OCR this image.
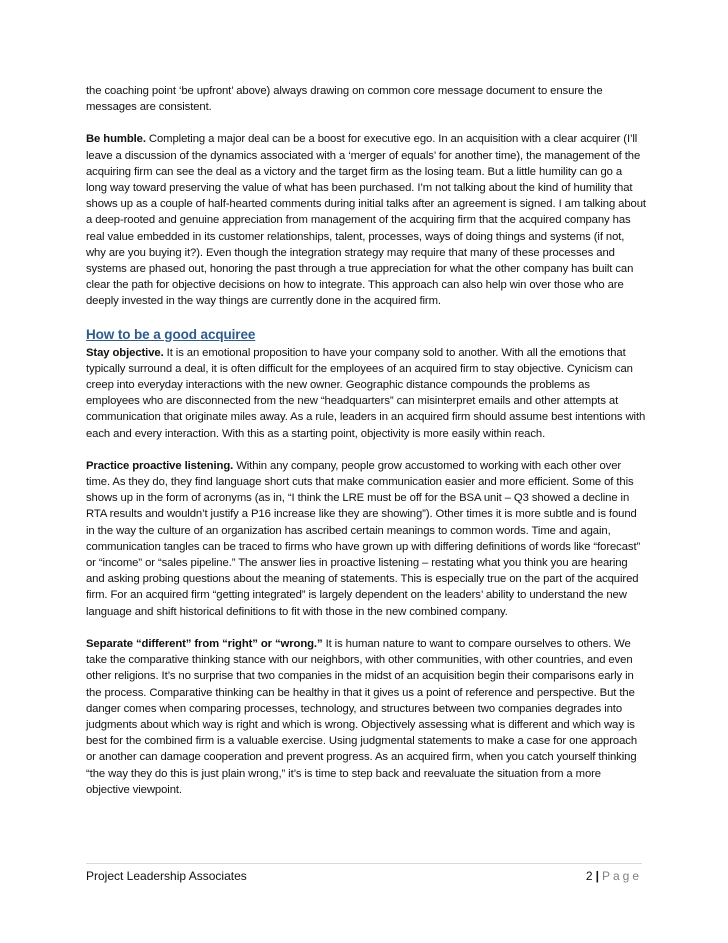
the coaching point ‘be upfront’ above) always drawing on common core message document to ensure the messages are consistent.

Be humble. Completing a major deal can be a boost for executive ego. In an acquisition with a clear acquirer (I’ll leave a discussion of the dynamics associated with a ‘merger of equals’ for another time), the management of the acquiring firm can see the deal as a victory and the target firm as the losing team. But a little humility can go a long way toward preserving the value of what has been purchased. I’m not talking about the kind of humility that shows up as a couple of half-hearted comments during initial talks after an agreement is signed. I am talking about a deep-rooted and genuine appreciation from management of the acquiring firm that the acquired company has real value embedded in its customer relationships, talent, processes, ways of doing things and systems (if not, why are you buying it?). Even though the integration strategy may require that many of these processes and systems are phased out, honoring the past through a true appreciation for what the other company has built can clear the path for objective decisions on how to integrate. This approach can also help win over those who are deeply invested in the way things are currently done in the acquired firm.

How to be a good acquiree

Stay objective. It is an emotional proposition to have your company sold to another. With all the emotions that typically surround a deal, it is often difficult for the employees of an acquired firm to stay objective. Cynicism can creep into everyday interactions with the new owner. Geographic distance compounds the problems as employees who are disconnected from the new “headquarters” can misinterpret emails and other attempts at communication that originate miles away. As a rule, leaders in an acquired firm should assume best intentions with each and every interaction. With this as a starting point, objectivity is more easily within reach.

Practice proactive listening. Within any company, people grow accustomed to working with each other over time. As they do, they find language short cuts that make communication easier and more efficient. Some of this shows up in the form of acronyms (as in, “I think the LRE must be off for the BSA unit – Q3 showed a decline in RTA results and wouldn’t justify a P16 increase like they are showing”). Other times it is more subtle and is found in the way the culture of an organization has ascribed certain meanings to common words. Time and again, communication tangles can be traced to firms who have grown up with differing definitions of words like “forecast” or “income” or “sales pipeline.” The answer lies in proactive listening – restating what you think you are hearing and asking probing questions about the meaning of statements. This is especially true on the part of the acquired firm. For an acquired firm “getting integrated” is largely dependent on the leaders’ ability to understand the new language and shift historical definitions to fit with those in the new combined company.

Separate “different” from “right” or “wrong.” It is human nature to want to compare ourselves to others. We take the comparative thinking stance with our neighbors, with other communities, with other countries, and even other religions. It’s no surprise that two companies in the midst of an acquisition begin their comparisons early in the process. Comparative thinking can be healthy in that it gives us a point of reference and perspective. But the danger comes when comparing processes, technology, and structures between two companies degrades into judgments about which way is right and which is wrong. Objectively assessing what is different and which way is best for the combined firm is a valuable exercise. Using judgmental statements to make a case for one approach or another can damage cooperation and prevent progress. As an acquired firm, when you catch yourself thinking “the way they do this is just plain wrong,” it’s is time to step back and reevaluate the situation from a more objective viewpoint.

Project Leadership Associates	2 | Page
